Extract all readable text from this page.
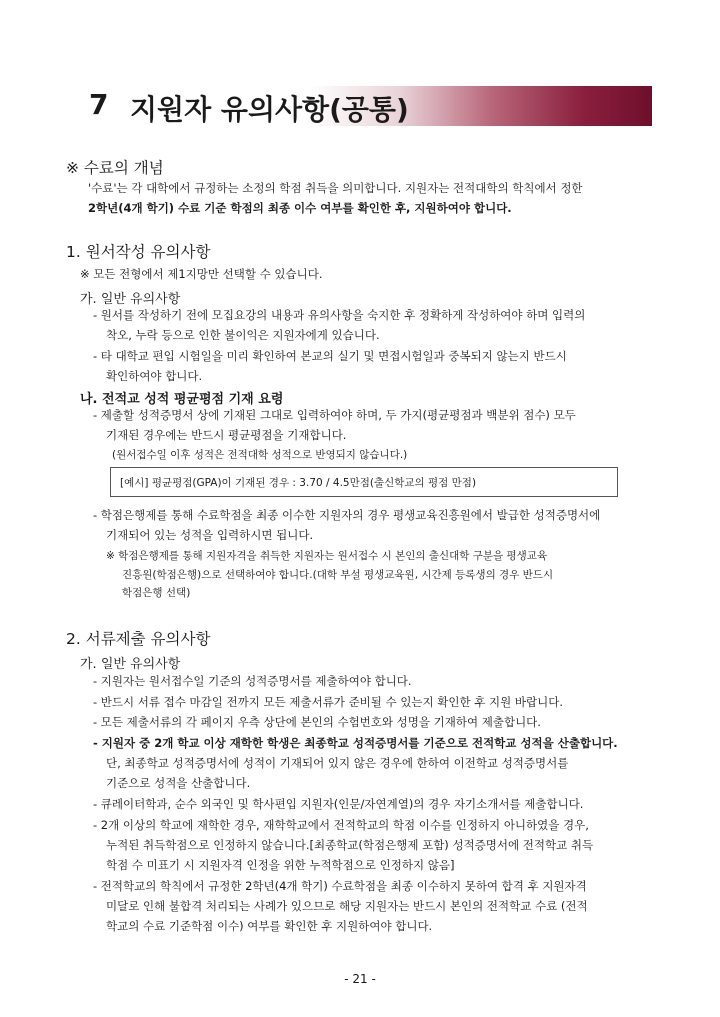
7 지원자 유의사항(공통)
※ 수료의 개념
'수료'는 각 대학에서 규정하는 소정의 학점 취득을 의미합니다. 지원자는 전적대학의 학칙에서 정한
2학년(4개 학기) 수료 기준 학점의 최종 이수 여부를 확인한 후, 지원하여야 합니다.
1. 원서작성 유의사항
※ 모든 전형에서 제1지망만 선택할 수 있습니다.
가. 일반 유의사항
- 원서를 작성하기 전에 모집요강의 내용과 유의사항을 숙지한 후 정확하게 작성하여야 하며 입력의
착오, 누락 등으로 인한 불이익은 지원자에게 있습니다.
- 타 대학교 편입 시험일을 미리 확인하여 본교의 실기 및 면접시험일과 중복되지 않는지 반드시
확인하여야 합니다.
나. 전적교 성적 평균평점 기재 요령
- 제출할 성적증명서 상에 기재된 그대로 입력하여야 하며, 두 가지(평균평점과 백분위 점수) 모두
기재된 경우에는 반드시 평균평점을 기재합니다.
(원서접수일 이후 성적은 전적대학 성적으로 반영되지 않습니다.)
[예시] 평균평점(GPA)이 기재된 경우 : 3.70 / 4.5만점(출신학교의 평점 만점)
- 학점은행제를 통해 수료학점을 최종 이수한 지원자의 경우 평생교육진흥원에서 발급한 성적증명서에
기재되어 있는 성적을 입력하시면 됩니다.
※ 학점은행제를 통해 지원자격을 취득한 지원자는 원서접수 시 본인의 출신대학 구분을 평생교육
진흥원(학점은행)으로 선택하여야 합니다.(대학 부설 평생교육원, 시간제 등록생의 경우 반드시
학점은행 선택)
2. 서류제출 유의사항
가. 일반 유의사항
- 지원자는 원서접수일 기준의 성적증명서를 제출하여야 합니다.
- 반드시 서류 접수 마감일 전까지 모든 제출서류가 준비될 수 있는지 확인한 후 지원 바랍니다.
- 모든 제출서류의 각 페이지 우측 상단에 본인의 수험번호와 성명을 기재하여 제출합니다.
- 지원자 중 2개 학교 이상 재학한 학생은 최종학교 성적증명서를 기준으로 전적학교 성적을 산출합니다.
단, 최종학교 성적증명서에 성적이 기재되어 있지 않은 경우에 한하여 이전학교 성적증명서를
기준으로 성적을 산출합니다.
- 큐레이터학과, 순수 외국인 및 학사편입 지원자(인문/자연계열)의 경우 자기소개서를 제출합니다.
- 2개 이상의 학교에 재학한 경우, 재학학교에서 전적학교의 학점 이수를 인정하지 아니하였을 경우,
누적된 취득학점으로 인정하지 않습니다.[최종학교(학점은행제 포함) 성적증명서에 전적학교 취득
학점 수 미표기 시 지원자격 인정을 위한 누적학점으로 인정하지 않음]
- 전적학교의 학칙에서 규정한 2학년(4개 학기) 수료학점을 최종 이수하지 못하여 합격 후 지원자격
미달로 인해 불합격 처리되는 사례가 있으므로 해당 지원자는 반드시 본인의 전적학교 수료 (전적
학교의 수료 기준학점 이수) 여부를 확인한 후 지원하여야 합니다.
- 21 -
